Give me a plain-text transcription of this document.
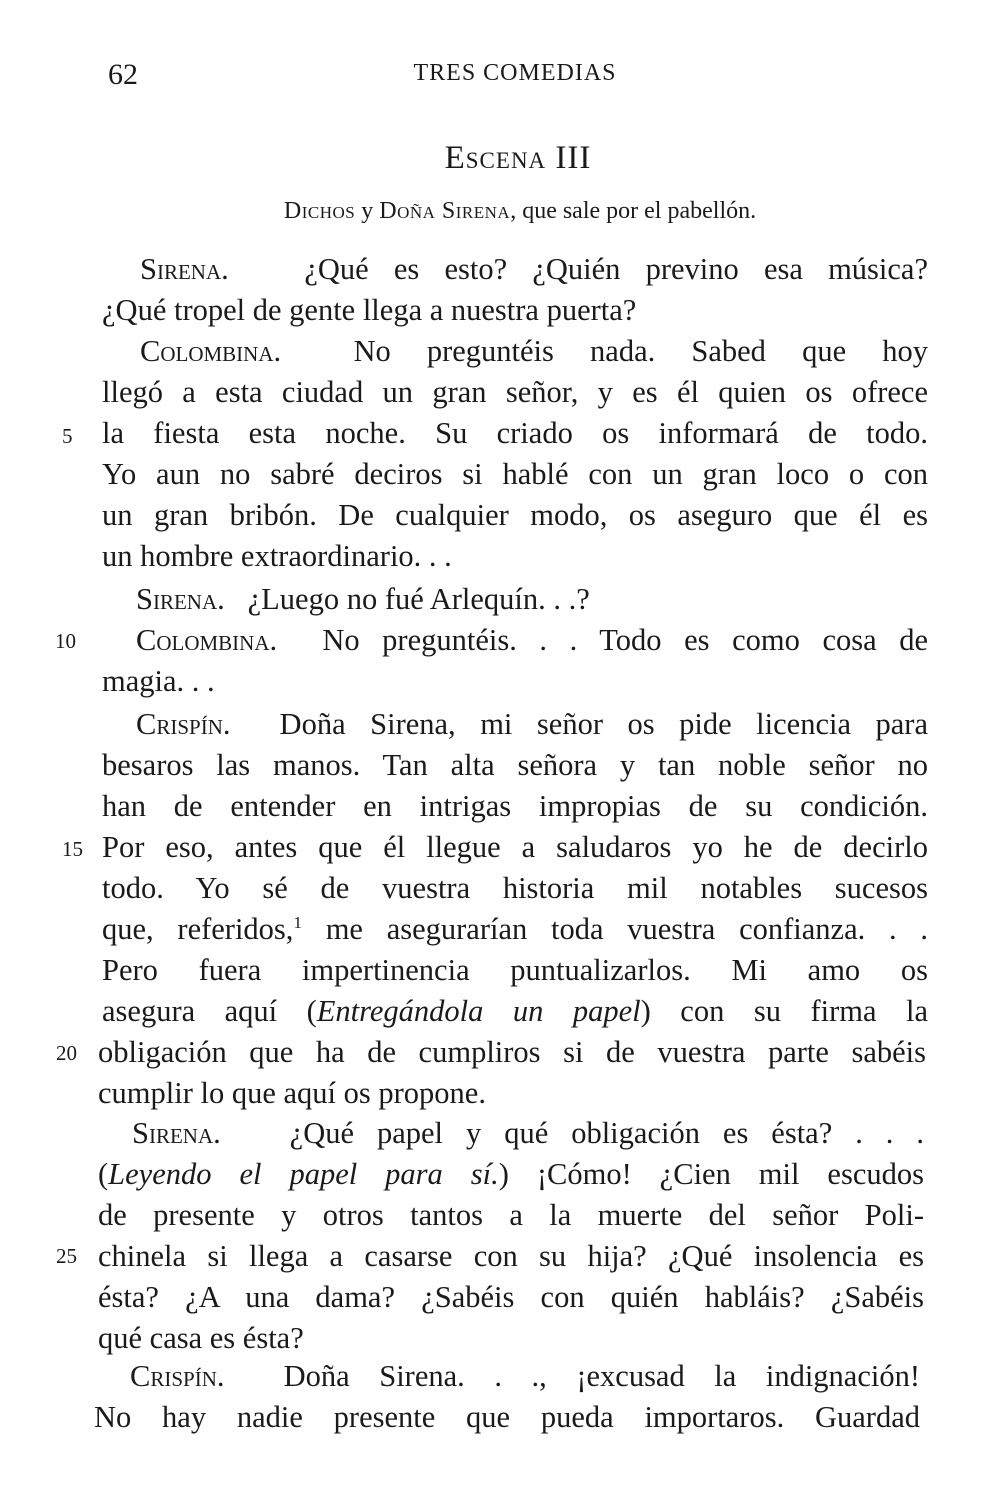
62	TRES COMEDIAS
Escena III
Dichos y Doña Sirena, que sale por el pabellón.
5
10
15
20
25
Sirena. ¿Qué es esto? ¿Quién previno esa música?
¿Qué tropel de gente llega a nuestra puerta?
Colombina. No preguntéis nada. Sabed que hoy
llegó a esta ciudad un gran señor, y es él quien os ofrece
la fiesta esta noche. Su criado os informará de todo.
Yo aun no sabré deciros si hablé con un gran loco o con
un gran bribón. De cualquier modo, os aseguro que él es
un hombre extraordinario. . .
Sirena. ¿Luego no fué Arlequín. . .?
Colombina. No preguntéis. . . Todo es como cosa de
magia. . .
Crispín. Doña Sirena, mi señor os pide licencia para
besaros las manos. Tan alta señora y tan noble señor no
han de entender en intrigas impropias de su condición.
Por eso, antes que él llegue a saludaros yo he de decirlo
todo. Yo sé de vuestra historia mil notables sucesos
que, referidos,$^1$ me asegurarían toda vuestra confianza. . .
Pero fuera impertinencia puntualizarlos. Mi amo os
asegura aquí (Entregándola un papel) con su firma la
obligación que ha de cumpliros si de vuestra parte sabéis
cumplir lo que aquí os propone.
Sirena. ¿Qué papel y qué obligación es ésta? . . .
(Leyendo el papel para sí.) ¡Cómo! ¿Cien mil escudos
de presente y otros tantos a la muerte del señor Poli-
chinela si llega a casarse con su hija? ¿Qué insolencia es
ésta? ¿A una dama? ¿Sabéis con quién habláis? ¿Sabéis
qué casa es ésta?
Crispín. Doña Sirena. . ., ¡excusad la indignación!
No hay nadie presente que pueda importaros. Guardad
